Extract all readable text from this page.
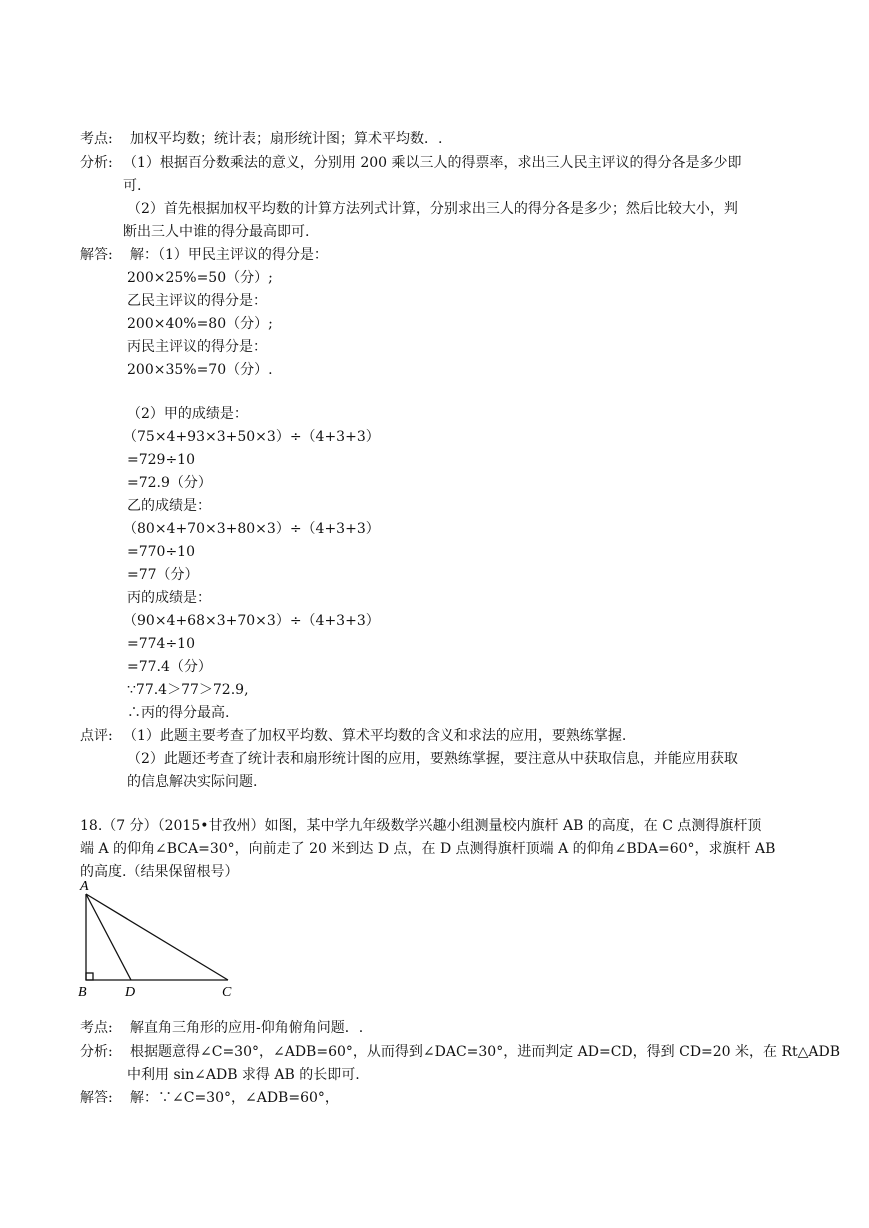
考点: 加权平均数；统计表；扇形统计图；算术平均数．.
分析: （1）根据百分数乘法的意义，分别用 200 乘以三人的得票率，求出三人民主评议的得分各是多少即
可.
（2）首先根据加权平均数的计算方法列式计算，分别求出三人的得分各是多少；然后比较大小，判
断出三人中谁的得分最高即可.
解答: 解：（1）甲民主评议的得分是：
200×25%=50（分）;
乙民主评议的得分是：
200×40%=80（分）;
丙民主评议的得分是：
200×35%=70（分）.
（2）甲的成绩是：
（75×4+93×3+50×3）÷（4+3+3）
=729÷10
=72.9（分）
乙的成绩是：
（80×4+70×3+80×3）÷（4+3+3）
=770÷10
=77（分）
丙的成绩是：
（90×4+68×3+70×3）÷（4+3+3）
=774÷10
=77.4（分）
∵77.4＞77＞72.9,
∴丙的得分最高.
点评: （1）此题主要考查了加权平均数、算术平均数的含义和求法的应用，要熟练掌握.
（2）此题还考查了统计表和扇形统计图的应用，要熟练掌握，要注意从中获取信息，并能应用获取
的信息解决实际问题.
18.（7 分）（2015•甘孜州）如图，某中学九年级数学兴趣小组测量校内旗杆 AB 的高度，在 C 点测得旗杆顶
端 A 的仰角∠BCA=30°，向前走了 20 米到达 D 点，在 D 点测得旗杆顶端 A 的仰角∠BDA=60°，求旗杆 AB
的高度.（结果保留根号）
A
B	D	C
考点: 解直角三角形的应用-仰角俯角问题．.
分析: 根据题意得∠C=30°，∠ADB=60°，从而得到∠DAC=30°，进而判定 AD=CD，得到 CD=20 米，在 Rt△ADB
中利用 sin∠ADB 求得 AB 的长即可.
解答: 解：∵∠C=30°，∠ADB=60°，
